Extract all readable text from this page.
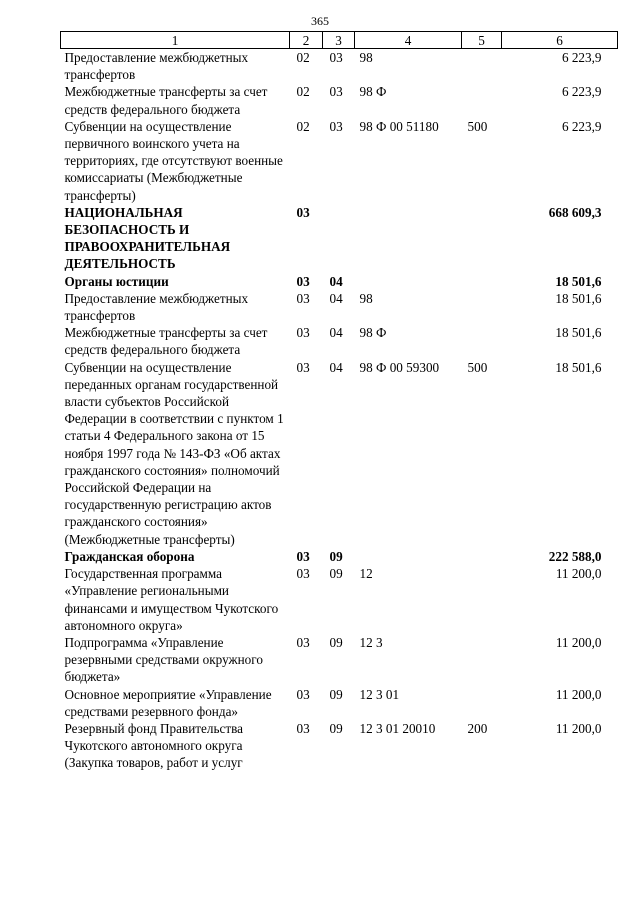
365
1	2	3	4	5	6
Предоставление межбюджетных трансфертов	02	03	98		6 223,9
Межбюджетные трансферты за счет средств федерального бюджета	02	03	98 Ф		6 223,9
Субвенции на осуществление первичного воинского учета на территориях, где отсутствуют военные комиссариаты (Межбюджетные трансферты)	02	03	98 Ф 00 51180	500	6 223,9
НАЦИОНАЛЬНАЯ БЕЗОПАСНОСТЬ И ПРАВООХРАНИТЕЛЬНАЯ ДЕЯТЕЛЬНОСТЬ	03				668 609,3
Органы юстиции	03	04			18 501,6
Предоставление межбюджетных трансфертов	03	04	98		18 501,6
Межбюджетные трансферты за счет средств федерального бюджета	03	04	98 Ф		18 501,6
Субвенции на осуществление переданных органам государственной власти субъектов Российской Федерации в соответствии с пунктом 1 статьи 4 Федерального закона от 15 ноября 1997 года № 143-ФЗ «Об актах гражданского состояния» полномочий Российской Федерации на государственную регистрацию актов гражданского состояния» (Межбюджетные трансферты)	03	04	98 Ф 00 59300	500	18 501,6
Гражданская оборона	03	09			222 588,0
Государственная программа «Управление региональными финансами и имуществом Чукотского автономного округа»	03	09	12		11 200,0
Подпрограмма «Управление резервными средствами окружного бюджета»	03	09	12 3		11 200,0
Основное мероприятие «Управление средствами резервного фонда»	03	09	12 3 01		11 200,0
Резервный фонд Правительства Чукотского автономного округа (Закупка товаров, работ и услуг	03	09	12 3 01 20010	200	11 200,0
